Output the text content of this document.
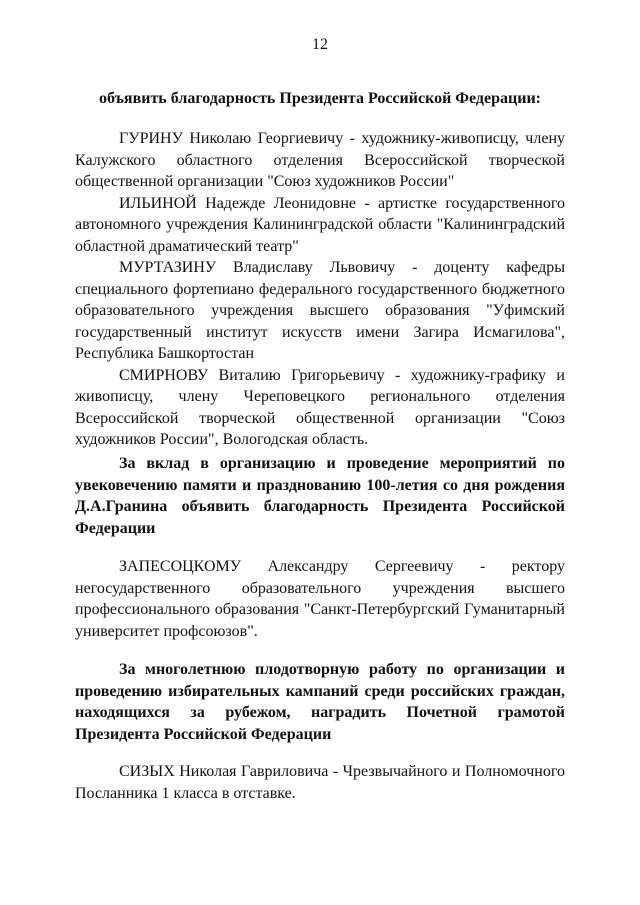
12
объявить благодарность Президента Российской Федерации:

ГУРИНУ Николаю Георгиевичу - художнику-живописцу, члену Калужского областного отделения Всероссийской творческой общественной организации "Союз художников России"

ИЛЬИНОЙ Надежде Леонидовне - артистке государственного автономного учреждения Калининградской области "Калининградский областной драматический театр"

МУРТАЗИНУ Владиславу Львовичу - доценту кафедры специального фортепиано федерального государственного бюджетного образовательного учреждения высшего образования "Уфимский государственный институт искусств имени Загира Исмагилова", Республика Башкортостан

СМИРНОВУ Виталию Григорьевичу - художнику-графику и живописцу, члену Череповецкого регионального отделения Всероссийской творческой общественной организации "Союз художников России", Вологодская область.

За вклад в организацию и проведение мероприятий по увековечению памяти и празднованию 100-летия со дня рождения Д.А.Гранина объявить благодарность Президента Российской Федерации

ЗАПЕСОЦКОМУ Александру Сергеевичу - ректору негосударственного образовательного учреждения высшего профессионального образования "Санкт-Петербургский Гуманитарный университет профсоюзов".

За многолетнюю плодотворную работу по организации и проведению избирательных кампаний среди российских граждан, находящихся за рубежом, наградить Почетной грамотой Президента Российской Федерации

СИЗЫХ Николая Гавриловича - Чрезвычайного и Полномочного Посланника 1 класса в отставке.
